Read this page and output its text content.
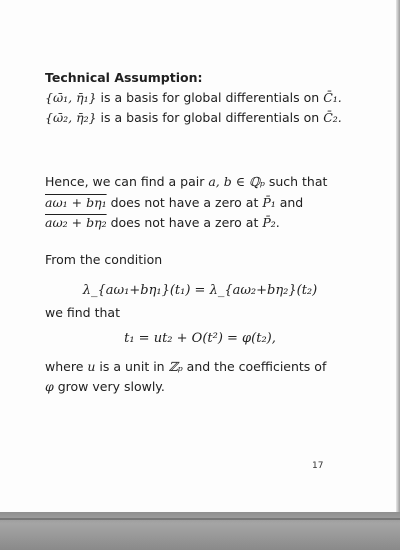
Technical Assumption:
{ω̄₁, η̄₁} is a basis for global differentials on C̄₁.
{ω̄₂, η̄₂} is a basis for global differentials on C̄₂.
Hence, we can find a pair a, b ∈ ℚₚ such that
aω₁ + bη₁ does not have a zero at P̄₁ and
aω₂ + bη₂ does not have a zero at P̄₂.
From the condition
λ_{aω₁+bη₁}(t₁) = λ_{aω₂+bη₂}(t₂)
we find that
t₁ = ut₂ + O(t²) = φ(t₂),
where u is a unit in ℤₚ and the coefficients of
φ grow very slowly.
17
